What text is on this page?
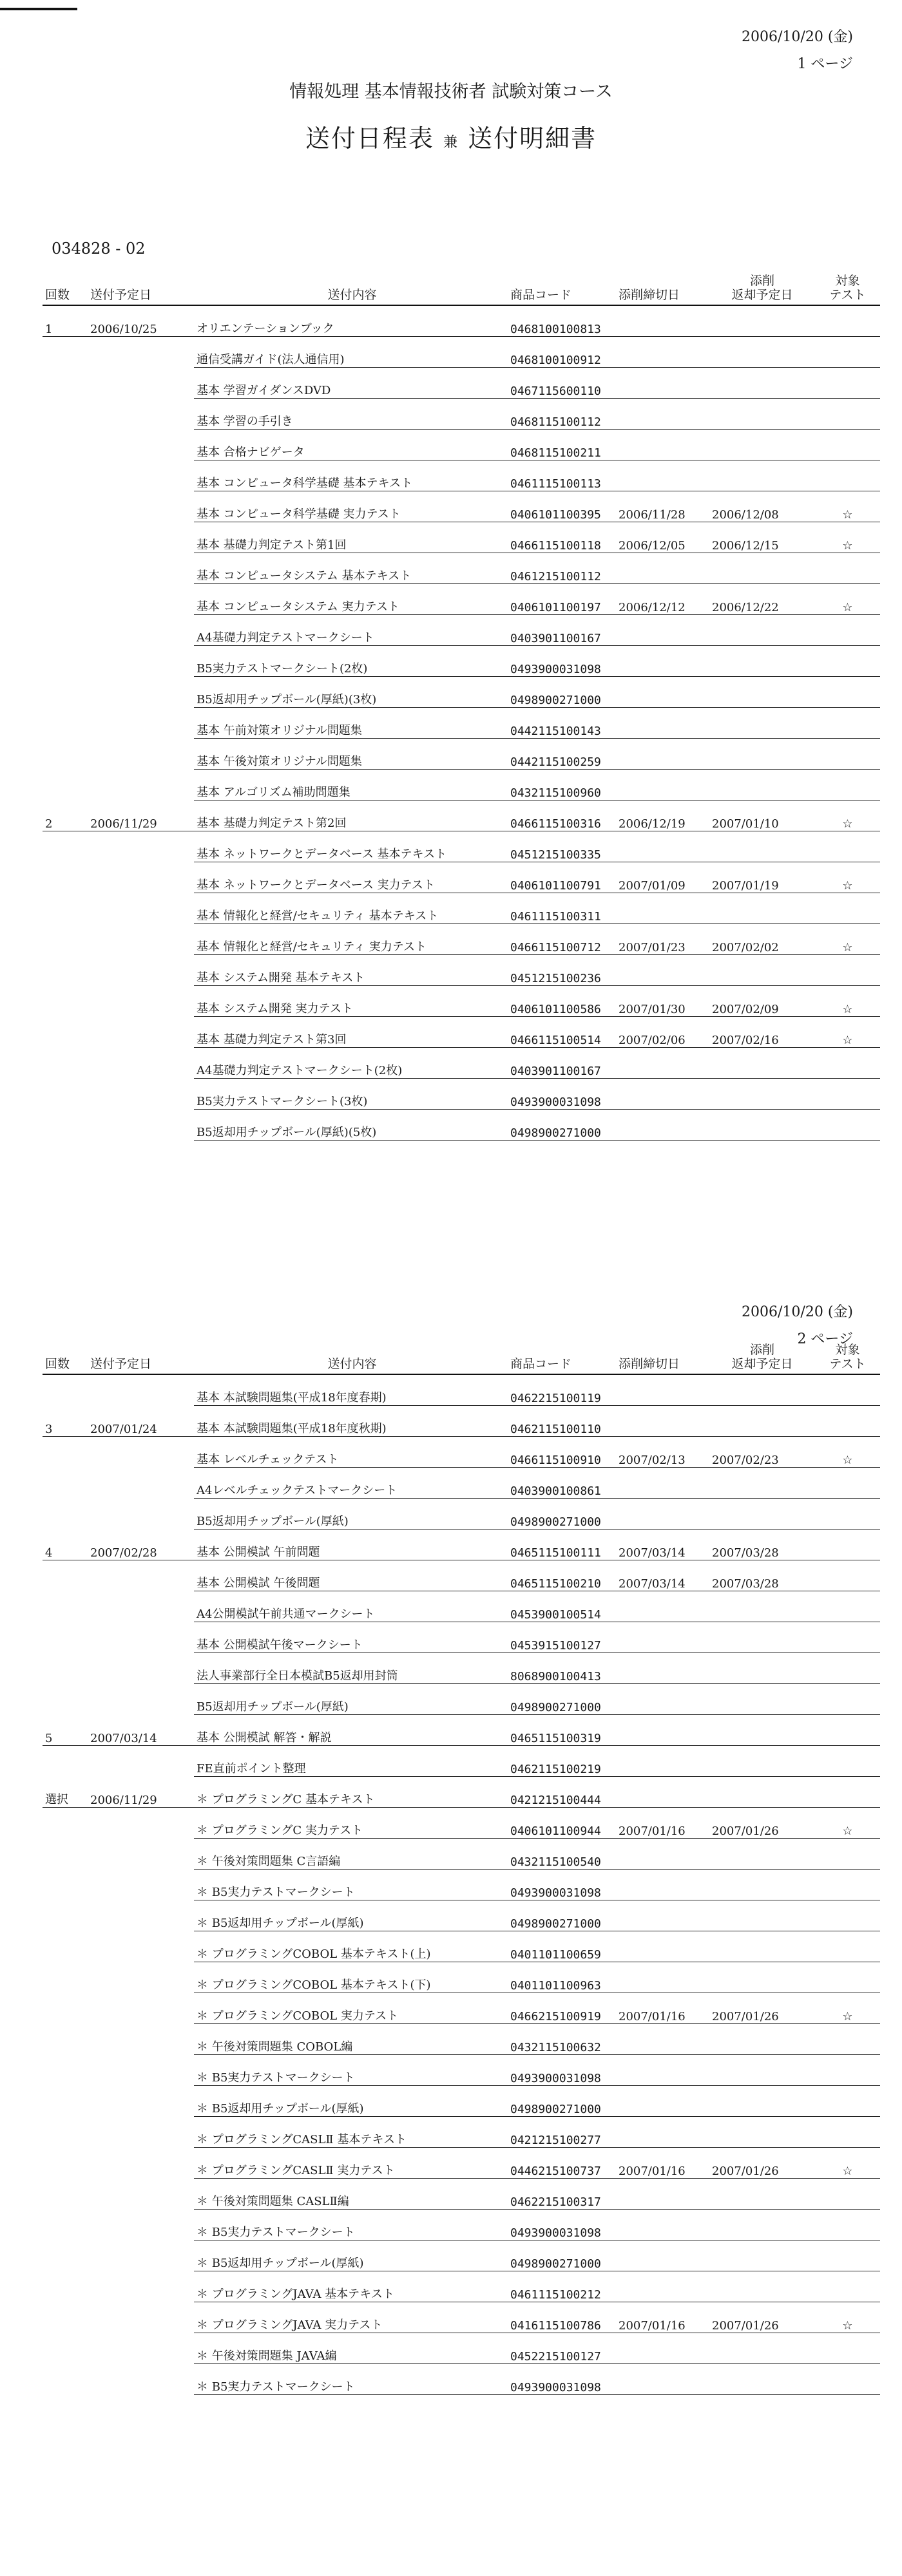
2006/10/20 (金)
1 ページ
情報処理 基本情報技術者 試験対策コース
送付日程表 兼 送付明細書
034828 - 02
回数	送付予定日	送付内容	商品コード	添削締切日	添削
返却予定日	対象
テスト
1	2006/10/25	オリエンテーションブック	0468100100813			
		通信受講ガイド(法人通信用)	0468100100912			
		基本 学習ガイダンスDVD	0467115600110			
		基本 学習の手引き	0468115100112			
		基本 合格ナビゲータ	0468115100211			
		基本 コンピュータ科学基礎 基本テキスト	0461115100113			
		基本 コンピュータ科学基礎 実力テスト	0406101100395	2006/11/28	2006/12/08	☆
		基本 基礎力判定テスト第1回	0466115100118	2006/12/05	2006/12/15	☆
		基本 コンピュータシステム 基本テキスト	0461215100112			
		基本 コンピュータシステム 実力テスト	0406101100197	2006/12/12	2006/12/22	☆
		A4基礎力判定テストマークシート	0403901100167			
		B5実力テストマークシート(2枚)	0493900031098			
		B5返却用チップボール(厚紙)(3枚)	0498900271000			
		基本 午前対策オリジナル問題集	0442115100143			
		基本 午後対策オリジナル問題集	0442115100259			
		基本 アルゴリズム補助問題集	0432115100960			
2	2006/11/29	基本 基礎力判定テスト第2回	0466115100316	2006/12/19	2007/01/10	☆
		基本 ネットワークとデータベース 基本テキスト	0451215100335			
		基本 ネットワークとデータベース 実力テスト	0406101100791	2007/01/09	2007/01/19	☆
		基本 情報化と経営/セキュリティ 基本テキスト	0461115100311			
		基本 情報化と経営/セキュリティ 実力テスト	0466115100712	2007/01/23	2007/02/02	☆
		基本 システム開発 基本テキスト	0451215100236			
		基本 システム開発 実力テスト	0406101100586	2007/01/30	2007/02/09	☆
		基本 基礎力判定テスト第3回	0466115100514	2007/02/06	2007/02/16	☆
		A4基礎力判定テストマークシート(2枚)	0403901100167			
		B5実力テストマークシート(3枚)	0493900031098			
		B5返却用チップボール(厚紙)(5枚)	0498900271000			
2006/10/20 (金)
2 ページ
回数	送付予定日	送付内容	商品コード	添削締切日	添削
返却予定日	対象
テスト
		基本 本試験問題集(平成18年度春期)	0462215100119			
3	2007/01/24	基本 本試験問題集(平成18年度秋期)	0462115100110			
		基本 レベルチェックテスト	0466115100910	2007/02/13	2007/02/23	☆
		A4レベルチェックテストマークシート	0403900100861			
		B5返却用チップボール(厚紙)	0498900271000			
4	2007/02/28	基本 公開模試 午前問題	0465115100111	2007/03/14	2007/03/28	
		基本 公開模試 午後問題	0465115100210	2007/03/14	2007/03/28	
		A4公開模試午前共通マークシート	0453900100514			
		基本 公開模試午後マークシート	0453915100127			
		法人事業部行全日本模試B5返却用封筒	8068900100413			
		B5返却用チップボール(厚紙)	0498900271000			
5	2007/03/14	基本 公開模試 解答・解説	0465115100319			
		FE直前ポイント整理	0462115100219			
選択	2006/11/29	＊ プログラミングC 基本テキスト	0421215100444			
		＊ プログラミングC 実力テスト	0406101100944	2007/01/16	2007/01/26	☆
		＊ 午後対策問題集 C言語編	0432115100540			
		＊ B5実力テストマークシート	0493900031098			
		＊ B5返却用チップボール(厚紙)	0498900271000			
		＊ プログラミングCOBOL 基本テキスト(上)	0401101100659			
		＊ プログラミングCOBOL 基本テキスト(下)	0401101100963			
		＊ プログラミングCOBOL 実力テスト	0466215100919	2007/01/16	2007/01/26	☆
		＊ 午後対策問題集 COBOL編	0432115100632			
		＊ B5実力テストマークシート	0493900031098			
		＊ B5返却用チップボール(厚紙)	0498900271000			
		＊ プログラミングCASLⅡ 基本テキスト	0421215100277			
		＊ プログラミングCASLⅡ 実力テスト	0446215100737	2007/01/16	2007/01/26	☆
		＊ 午後対策問題集 CASLⅡ編	0462215100317			
		＊ B5実力テストマークシート	0493900031098			
		＊ B5返却用チップボール(厚紙)	0498900271000			
		＊ プログラミングJAVA 基本テキスト	0461115100212			
		＊ プログラミングJAVA 実力テスト	0416115100786	2007/01/16	2007/01/26	☆
		＊ 午後対策問題集 JAVA編	0452215100127			
		＊ B5実力テストマークシート	0493900031098			
